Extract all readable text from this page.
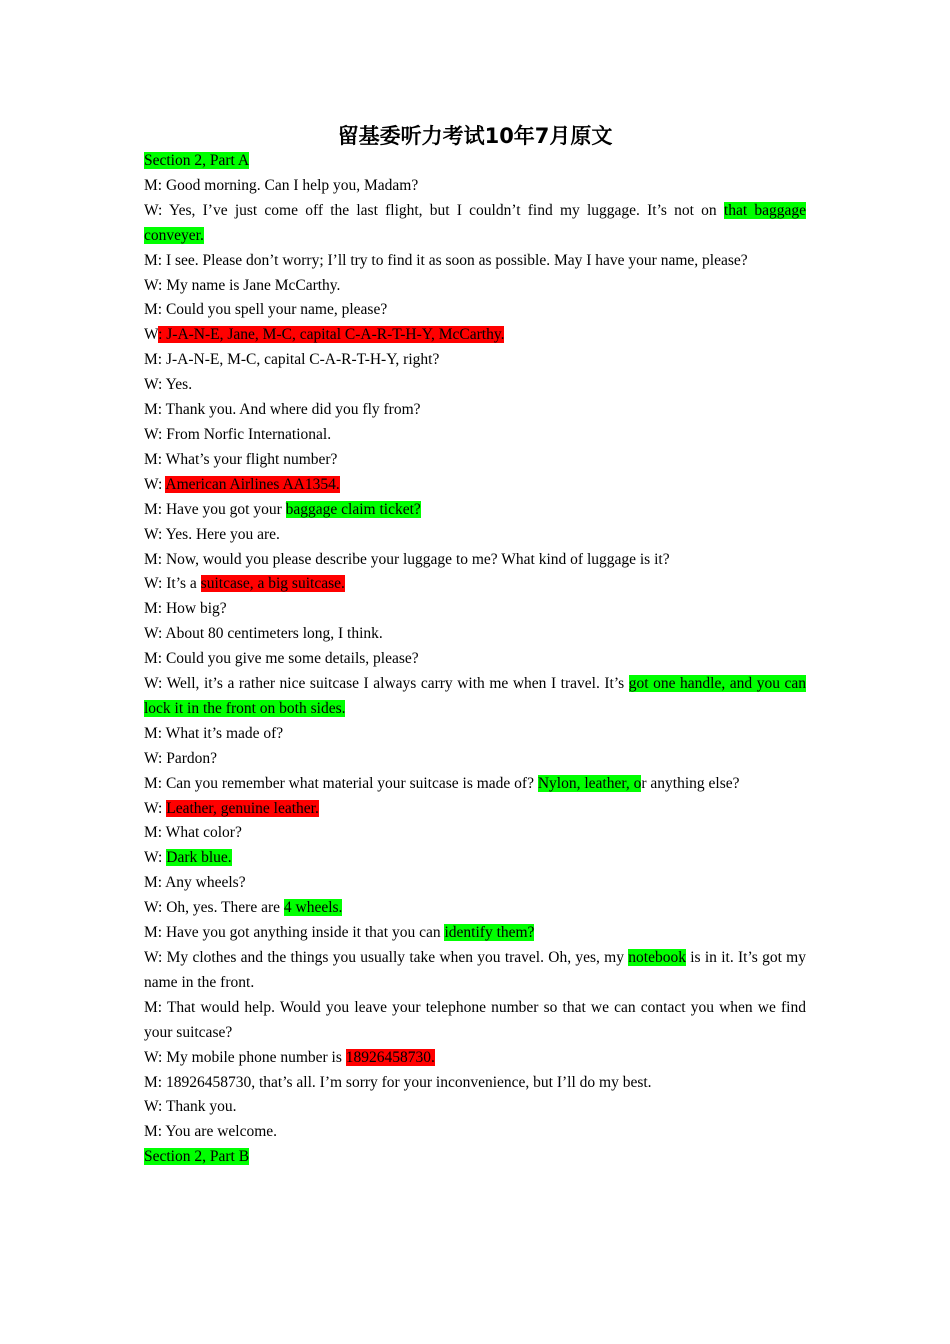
留基委听力考试10年7月原文

Section 2, Part A

M: Good morning. Can I help you, Madam?

W: Yes, I’ve just come off the last flight, but I couldn’t find my luggage. It’s not on that baggage conveyer.

M: I see. Please don’t worry; I’ll try to find it as soon as possible. May I have your name, please?

W: My name is Jane McCarthy.

M: Could you spell your name, please?

W: J-A-N-E, Jane, M-C, capital C-A-R-T-H-Y, McCarthy.

M: J-A-N-E, M-C, capital C-A-R-T-H-Y, right?

W: Yes.

M: Thank you. And where did you fly from?

W: From Norfic International.

M: What’s your flight number?

W: American Airlines AA1354.

M: Have you got your baggage claim ticket?

W: Yes. Here you are.

M: Now, would you please describe your luggage to me? What kind of luggage is it?

W: It’s a suitcase, a big suitcase.

M: How big?

W: About 80 centimeters long, I think.

M: Could you give me some details, please?

W: Well, it’s a rather nice suitcase I always carry with me when I travel. It’s got one handle, and you can lock it in the front on both sides.

M: What it’s made of?

W: Pardon?

M: Can you remember what material your suitcase is made of? Nylon, leather, or anything else?

W: Leather, genuine leather.

M: What color?

W: Dark blue.

M: Any wheels?

W: Oh, yes. There are 4 wheels.

M: Have you got anything inside it that you can identify them?

W: My clothes and the things you usually take when you travel. Oh, yes, my notebook is in it. It’s got my name in the front.

M: That would help. Would you leave your telephone number so that we can contact you when we find your suitcase?

W: My mobile phone number is 18926458730.

M: 18926458730, that’s all. I’m sorry for your inconvenience, but I’ll do my best.

W: Thank you.

M: You are welcome.

Section 2, Part B
